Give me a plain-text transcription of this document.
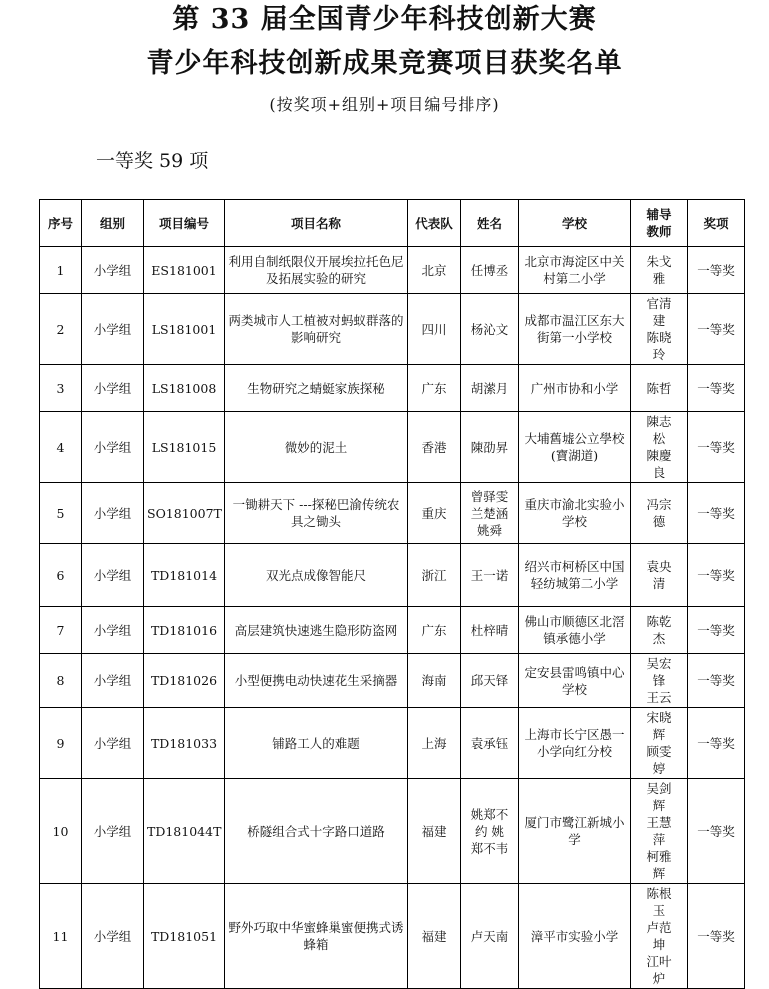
第 33 届全国青少年科技创新大赛
青少年科技创新成果竞赛项目获奖名单
(按奖项+组别+项目编号排序)
一等奖 59 项
序号	组别	项目编号	项目名称	代表队	姓名	学校	辅导教师	奖项
1	小学组	ES181001	利用自制纸限仪开展埃拉托色尼及拓展实验的研究	北京	任博丞	北京市海淀区中关村第二小学	朱戈雅	一等奖
2	小学组	LS181001	两类城市人工植被对蚂蚁群落的影响研究	四川	杨沁文	成都市温江区东大街第一小学校	官清建 陈晓玲	一等奖
3	小学组	LS181008	生物研究之蜻蜓家族探秘	广东	胡潆月	广州市协和小学	陈哲	一等奖
4	小学组	LS181015	微妙的泥土	香港	陳劭昇	大埔舊墟公立學校(寶湖道)	陳志松 陳慶良	一等奖
5	小学组	SO181007T	一锄耕天下 ---探秘巴渝传统农具之锄头	重庆	曾驿雯 兰楚涵 姚舜	重庆市渝北实验小学校	冯宗德	一等奖
6	小学组	TD181014	双光点成像智能尺	浙江	王一诺	绍兴市柯桥区中国轻纺城第二小学	袁央清	一等奖
7	小学组	TD181016	高层建筑快速逃生隐形防盗网	广东	杜梓晴	佛山市顺德区北滘镇承德小学	陈乾杰	一等奖
8	小学组	TD181026	小型便携电动快速花生采摘器	海南	邱天铎	定安县雷鸣镇中心学校	吴宏锋 王云	一等奖
9	小学组	TD181033	铺路工人的难题	上海	袁承钰	上海市长宁区愚一小学向红分校	宋晓辉 顾雯婷	一等奖
10	小学组	TD181044T	桥隧组合式十字路口道路	福建	姚郑不约 姚郑不韦	厦门市鹭江新城小学	吴剑辉 王慧萍 柯雅辉	一等奖
11	小学组	TD181051	野外巧取中华蜜蜂巢蜜便携式诱蜂箱	福建	卢天南	漳平市实验小学	陈根玉 卢范坤 江叶炉	一等奖
